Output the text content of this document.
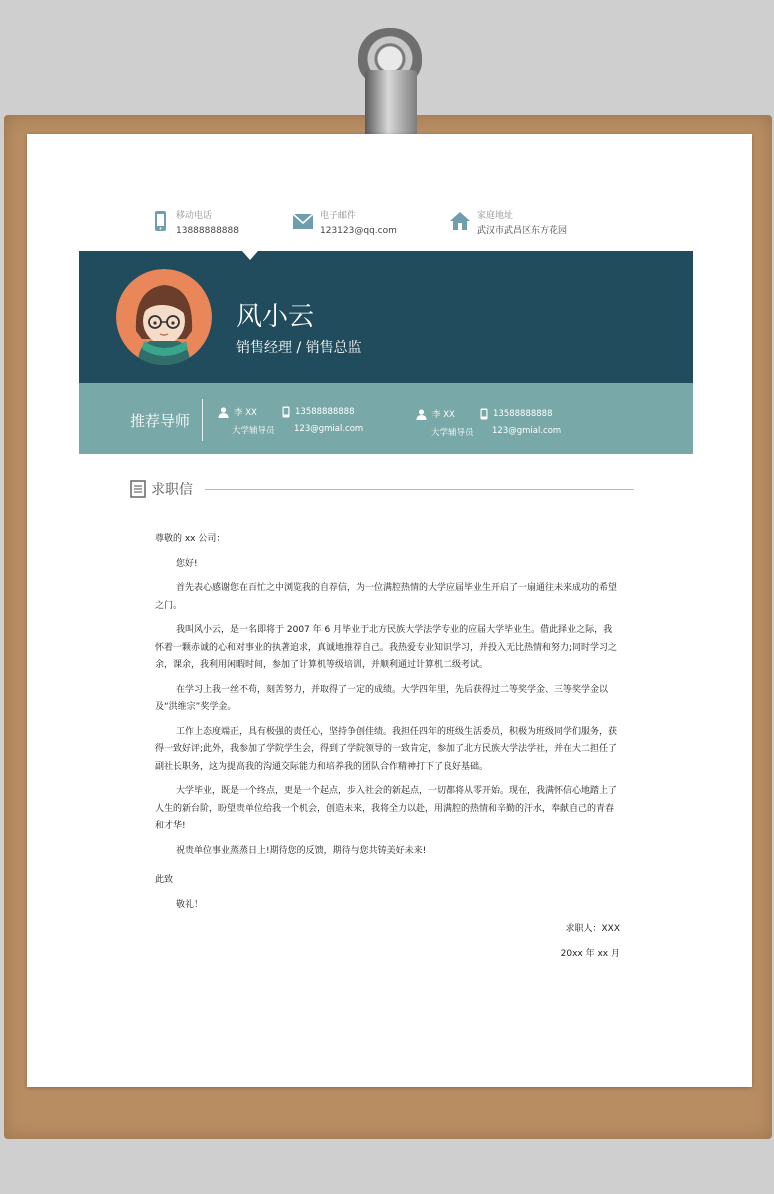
移动电话
13888888888
电子邮件
123123@qq.com
家庭地址
武汉市武昌区东方花园
风小云
销售经理 / 销售总监
推荐导师	李 XX
大学辅导员
13588888888
123@gmial.com
李 XX
大学辅导员
13588888888
123@gmial.com
求职信

尊敬的 xx 公司：

您好!

首先表心感谢您在百忙之中浏览我的自荐信，为一位满腔热情的大学应届毕业生开启了一扇通往未来成功的希望之门。

我叫风小云，是一名即将于 2007 年 6 月毕业于北方民族大学法学专业的应届大学毕业生。借此择业之际，我怀着一颗赤诚的心和对事业的执著追求，真诚地推荐自己。我热爱专业知识学习，并投入无比热情和努力;同时学习之余，课余，我利用闲暇时间，参加了计算机等级培训，并顺利通过计算机二级考试。

在学习上我一丝不苟，刻苦努力，并取得了一定的成绩。大学四年里，先后获得过二等奖学金、三等奖学金以及“洪维宗”奖学金。

工作上态度端正，具有极强的责任心，坚持争创佳绩。我担任四年的班级生活委员，积极为班级同学们服务，获得一致好评;此外，我参加了学院学生会，得到了学院领导的一致肯定，参加了北方民族大学法学社，并在大二担任了副社长职务，这为提高我的沟通交际能力和培养我的团队合作精神打下了良好基础。

大学毕业，既是一个终点，更是一个起点，步入社会的新起点，一切都将从零开始。现在，我满怀信心地踏上了人生的新台阶，盼望贵单位给我一个机会，创造未来，我将全力以赴，用满腔的热情和辛勤的汗水，奉献自己的青春和才华!

祝贵单位事业蒸蒸日上!期待您的反馈，期待与您共铸美好未来!

此致

敬礼！

求职人：XXX

20xx 年 xx 月
